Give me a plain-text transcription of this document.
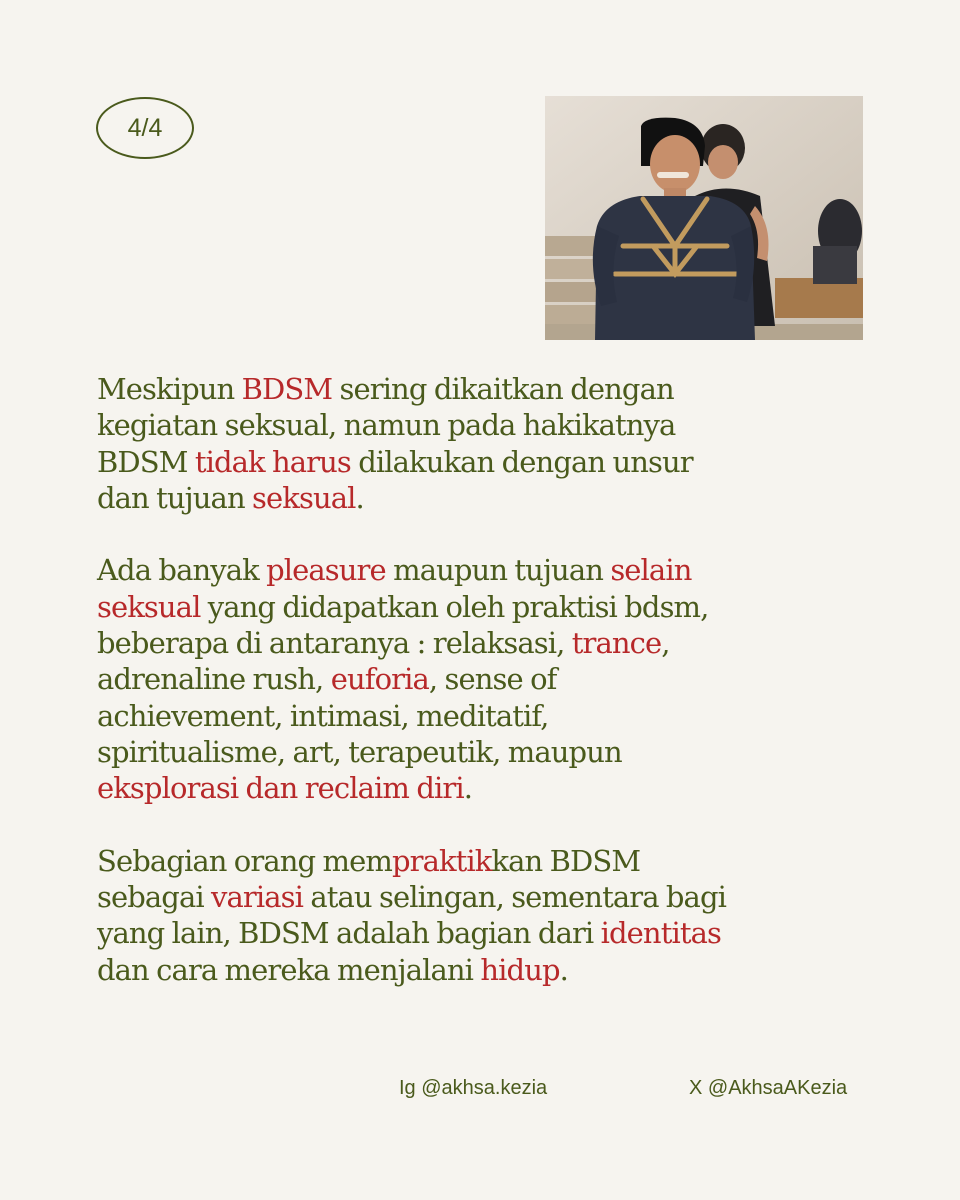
4/4

Meskipun BDSM sering dikaitkan dengan
kegiatan seksual, namun pada hakikatnya
BDSM tidak harus dilakukan dengan unsur
dan tujuan seksual.

Ada banyak pleasure maupun tujuan selain
seksual yang didapatkan oleh praktisi bdsm,
beberapa di antaranya : relaksasi, trance,
adrenaline rush, euforia, sense of
achievement, intimasi, meditatif,
spiritualisme, art, terapeutik, maupun
eksplorasi dan reclaim diri.

Sebagian orang mempraktikkan BDSM
sebagai variasi atau selingan, sementara bagi
yang lain, BDSM adalah bagian dari identitas
dan cara mereka menjalani hidup.

Ig @akhsa.kezia	X @AkhsaAKezia
